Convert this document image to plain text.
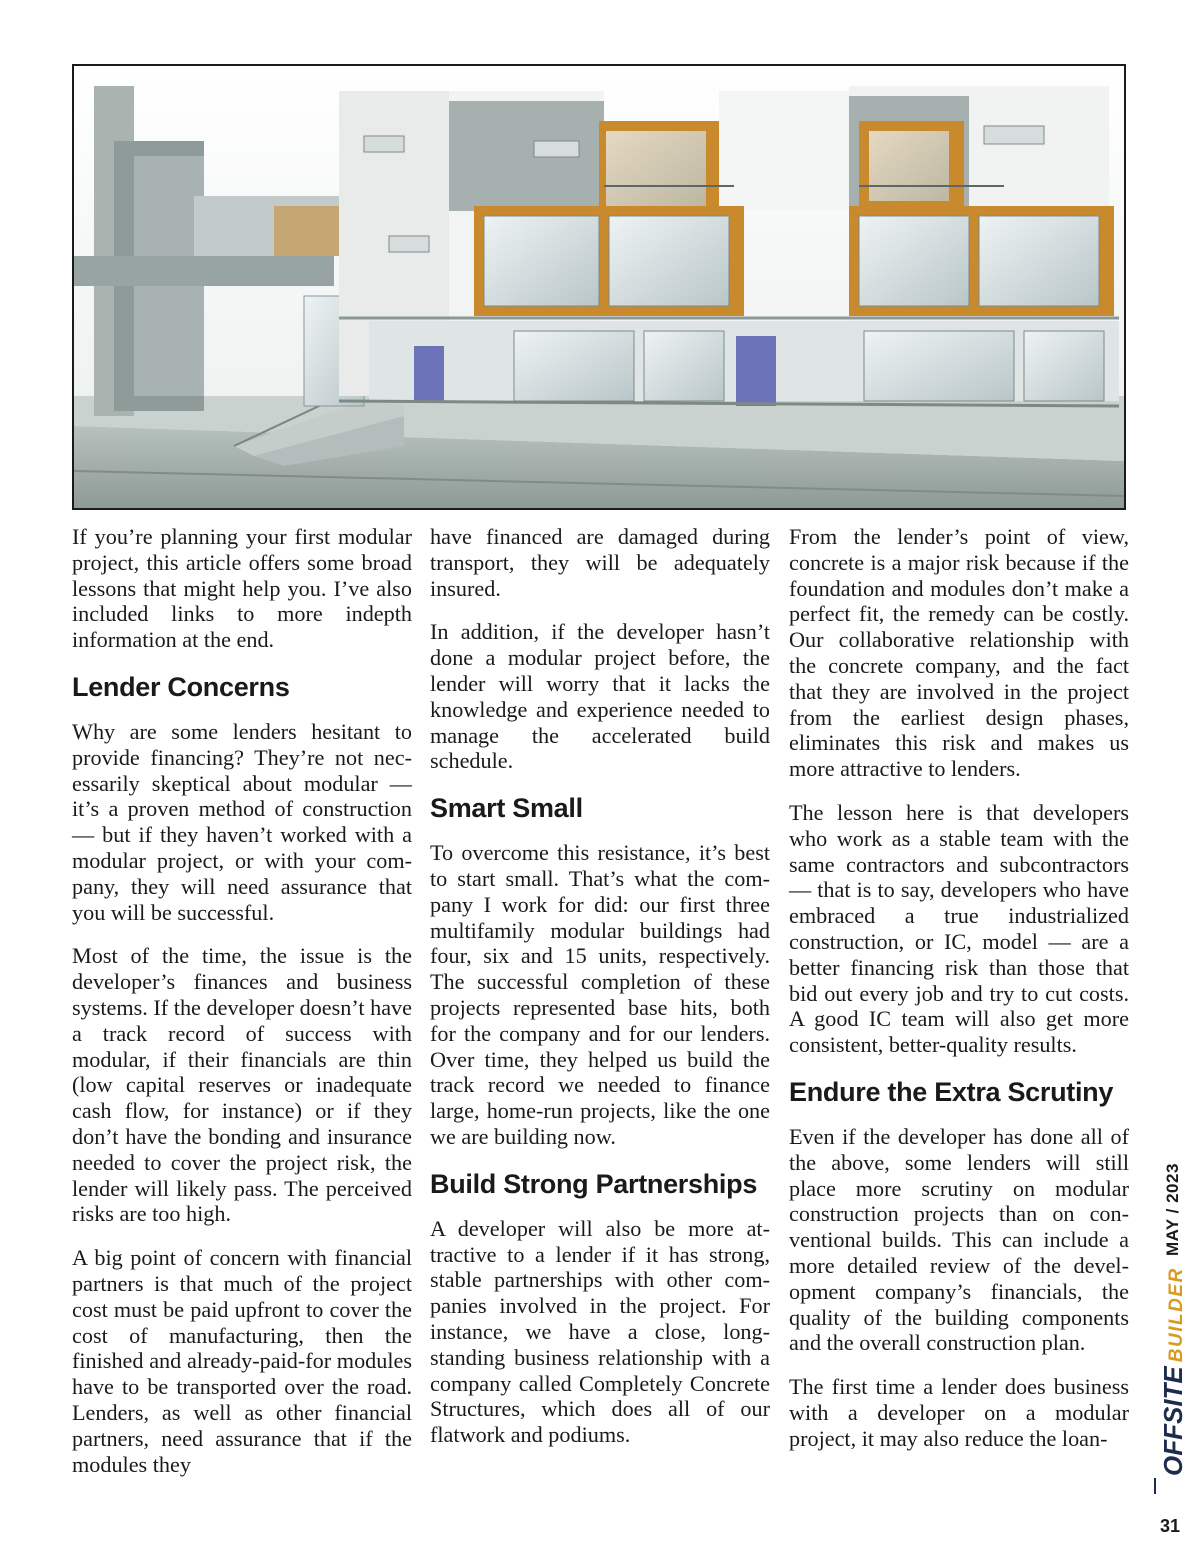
If you’re planning your first modular project, this article offers some broad lessons that might help you. I’ve also included links to more indepth information at the end.

Lender Concerns

Why are some lenders hesitant to provide financing? They’re not necessarily skeptical about modular — it’s a proven method of construction — but if they haven’t worked with a modular project, or with your company, they will need assurance that you will be successful.

Most of the time, the issue is the developer’s finances and business systems. If the developer doesn’t have a track record of success with modular, if their financials are thin (low capital reserves or inadequate cash flow, for instance) or if they don’t have the bonding and insurance needed to cover the project risk, the lender will likely pass. The perceived risks are too high.

A big point of concern with financial partners is that much of the project cost must be paid upfront to cover the cost of manufacturing, then the finished and already-paid-for modules have to be transported over the road. Lenders, as well as other financial partners, need assurance that if the modules they

have financed are damaged during transport, they will be adequately insured.

In addition, if the developer hasn’t done a modular project before, the lender will worry that it lacks the knowledge and experience needed to manage the accelerated build schedule.

Smart Small

To overcome this resistance, it’s best to start small. That’s what the company I work for did: our first three multifamily modular buildings had four, six and 15 units, respectively. The successful completion of these projects represented base hits, both for the company and for our lenders. Over time, they helped us build the track record we needed to finance large, home-run projects, like the one we are building now.

Build Strong Partnerships

A developer will also be more attractive to a lender if it has strong, stable partnerships with other companies involved in the project. For instance, we have a close, long-standing business relationship with a company called Completely Concrete Structures, which does all of our flatwork and podiums.

From the lender’s point of view, concrete is a major risk because if the foundation and modules don’t make a perfect fit, the remedy can be costly. Our collaborative relationship with the concrete company, and the fact that they are involved in the project from the earliest design phases, eliminates this risk and makes us more attractive to lenders.

The lesson here is that developers who work as a stable team with the same contractors and subcontractors — that is to say, developers who have embraced a true industrialized construction, or IC, model — are a better financing risk than those that bid out every job and try to cut costs. A good IC team will also get more consistent, better-quality results.

Endure the Extra Scrutiny

Even if the developer has done all of the above, some lenders will still place more scrutiny on modular construction projects than on conventional builds. This can include a more detailed review of the development company’s financials, the quality of the building components and the overall construction plan.

The first time a lender does business with a developer on a modular project, it may also reduce the loan-

MAY / 2023
OFFSITEBUILDER
31
